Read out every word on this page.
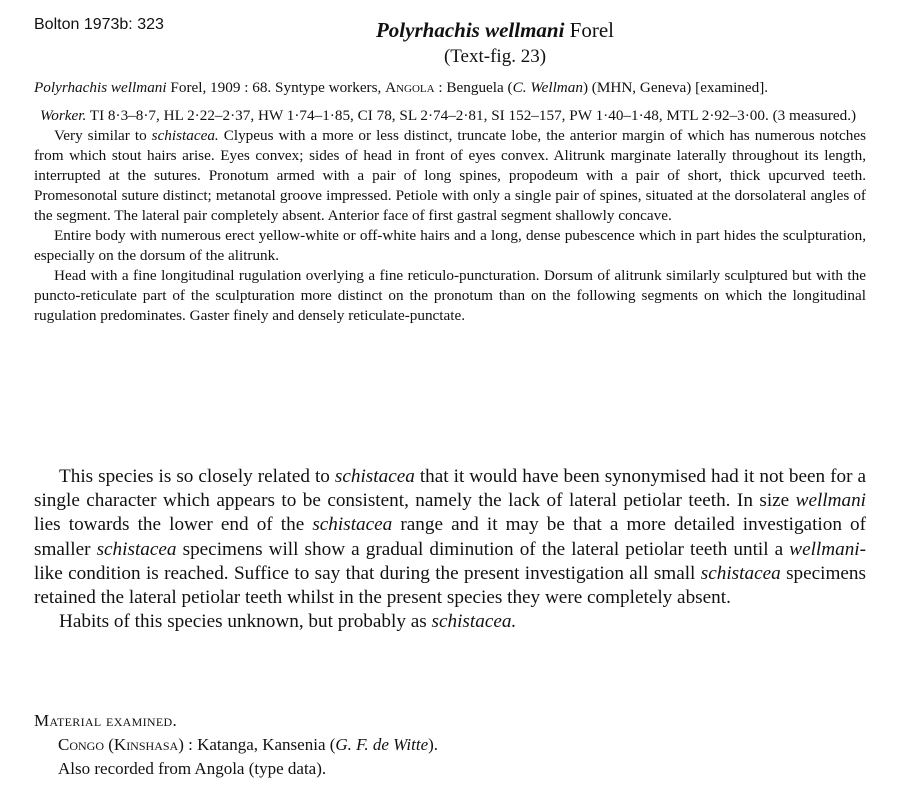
Bolton 1973b: 323	Polyrhachis wellmani Forel
(Text-fig. 23)

Polyrhachis wellmani Forel, 1909 : 68. Syntype workers, Angola : Benguela (C. Wellman) (MHN, Geneva) [examined].

Worker. TI 8·3–8·7, HL 2·22–2·37, HW 1·74–1·85, CI 78, SL 2·74–2·81, SI 152–157, PW 1·40–1·48, MTL 2·92–3·00. (3 measured.)

Very similar to schistacea. Clypeus with a more or less distinct, truncate lobe, the anterior margin of which has numerous notches from which stout hairs arise. Eyes convex; sides of head in front of eyes convex. Alitrunk marginate laterally throughout its length, interrupted at the sutures. Pronotum armed with a pair of long spines, propodeum with a pair of short, thick upcurved teeth. Promesonotal suture distinct; metanotal groove impressed. Petiole with only a single pair of spines, situated at the dorsolateral angles of the segment. The lateral pair completely absent. Anterior face of first gastral segment shallowly concave.

Entire body with numerous erect yellow-white or off-white hairs and a long, dense pubescence which in part hides the sculpturation, especially on the dorsum of the alitrunk.

Head with a fine longitudinal rugulation overlying a fine reticulo-puncturation. Dorsum of alitrunk similarly sculptured but with the puncto-reticulate part of the sculpturation more distinct on the pronotum than on the following segments on which the longitudinal rugulation predominates. Gaster finely and densely reticulate-punctate.

This species is so closely related to schistacea that it would have been synonymised had it not been for a single character which appears to be consistent, namely the lack of lateral petiolar teeth. In size wellmani lies towards the lower end of the schistacea range and it may be that a more detailed investigation of smaller schistacea specimens will show a gradual diminution of the lateral petiolar teeth until a wellmani-like condition is reached. Suffice to say that during the present investigation all small schistacea specimens retained the lateral petiolar teeth whilst in the present species they were completely absent.

Habits of this species unknown, but probably as schistacea.

Material examined.
Congo (Kinshasa) : Katanga, Kansenia (G. F. de Witte).
Also recorded from Angola (type data).
